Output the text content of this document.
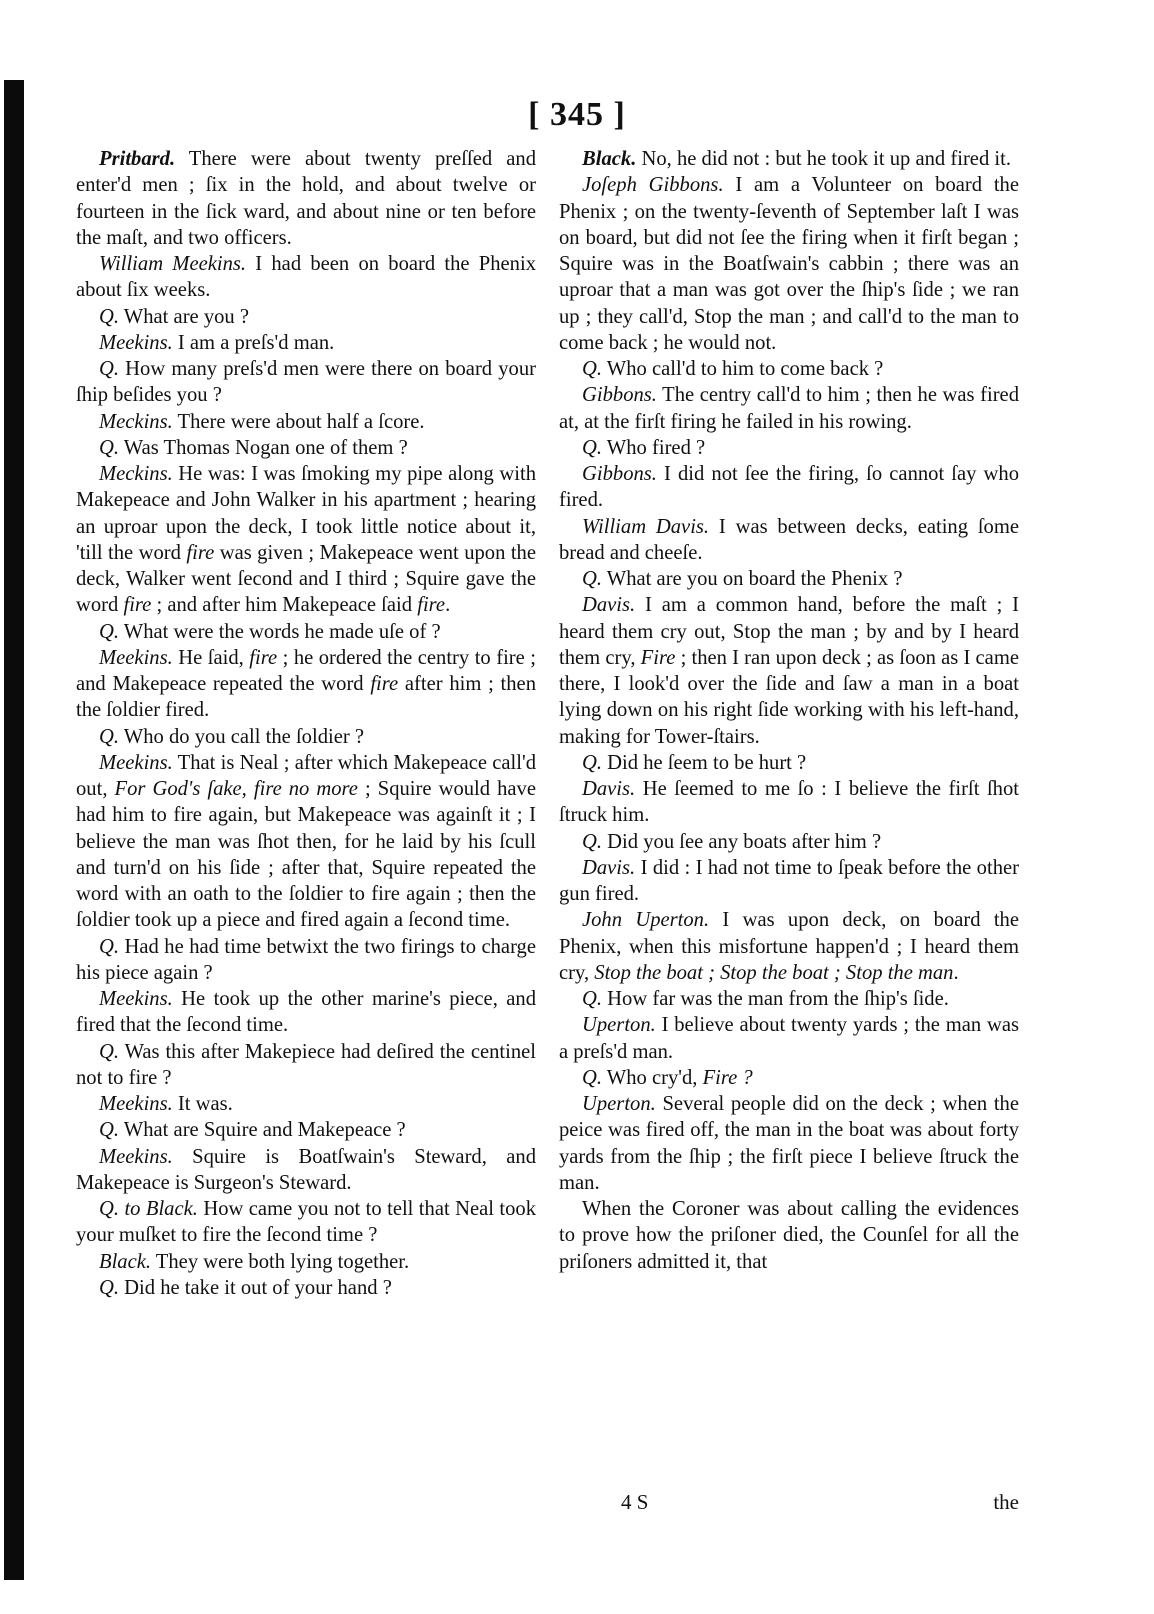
[ 345 ]

Pritbard. There were about twenty preſſed and enter'd men ; ſix in the hold, and about twelve or fourteen in the ſick ward, and about nine or ten before the maſt, and two officers.

William Meekins. I had been on board the Phenix about ſix weeks.

Q. What are you ?

Meekins. I am a preſs'd man.

Q. How many preſs'd men were there on board your ſhip beſides you ?

Meckins. There were about half a ſcore.

Q. Was Thomas Nogan one of them ?

Meckins. He was: I was ſmoking my pipe along with Makepeace and John Walker in his apartment ; hearing an uproar upon the deck, I took little notice about it, 'till the word fire was given ; Makepeace went upon the deck, Walker went ſecond and I third ; Squire gave the word fire ; and after him Makepeace ſaid fire.

Q. What were the words he made uſe of ?

Meekins. He ſaid, fire ; he ordered the centry to fire ; and Makepeace repeated the word fire after him ; then the ſoldier fired.

Q. Who do you call the ſoldier ?

Meekins. That is Neal ; after which Makepeace call'd out, For God's ſake, fire no more ; Squire would have had him to fire again, but Makepeace was againſt it ; I believe the man was ſhot then, for he laid by his ſcull and turn'd on his ſide ; after that, Squire repeated the word with an oath to the ſoldier to fire again ; then the ſoldier took up a piece and fired again a ſecond time.

Q. Had he had time betwixt the two firings to charge his piece again ?

Meekins. He took up the other marine's piece, and fired that the ſecond time.

Q. Was this after Makepiece had deſired the centinel not to fire ?

Meekins. It was.

Q. What are Squire and Makepeace ?

Meekins. Squire is Boatſwain's Steward, and Makepeace is Surgeon's Steward.

Q. to Black. How came you not to tell that Neal took your muſket to fire the ſecond time ?

Black. They were both lying together.

Q. Did he take it out of your hand ?

Black. No, he did not : but he took it up and fired it.

Joſeph Gibbons. I am a Volunteer on board the Phenix ; on the twenty-ſeventh of September laſt I was on board, but did not ſee the firing when it firſt began ; Squire was in the Boatſwain's cabbin ; there was an uproar that a man was got over the ſhip's ſide ; we ran up ; they call'd, Stop the man ; and call'd to the man to come back ; he would not.

Q. Who call'd to him to come back ?

Gibbons. The centry call'd to him ; then he was fired at, at the firſt firing he failed in his rowing.

Q. Who fired ?

Gibbons. I did not ſee the firing, ſo cannot ſay who fired.

William Davis. I was between decks, eating ſome bread and cheeſe.

Q. What are you on board the Phenix ?

Davis. I am a common hand, before the maſt ; I heard them cry out, Stop the man ; by and by I heard them cry, Fire ; then I ran upon deck ; as ſoon as I came there, I look'd over the ſide and ſaw a man in a boat lying down on his right ſide working with his left-hand, making for Tower-ſtairs.

Q. Did he ſeem to be hurt ?

Davis. He ſeemed to me ſo : I believe the firſt ſhot ſtruck him.

Q. Did you ſee any boats after him ?

Davis. I did : I had not time to ſpeak before the other gun fired.

John Uperton. I was upon deck, on board the Phenix, when this misfortune happen'd ; I heard them cry, Stop the boat ; Stop the boat ; Stop the man.

Q. How far was the man from the ſhip's ſide.

Uperton. I believe about twenty yards ; the man was a preſs'd man.

Q. Who cry'd, Fire ?

Uperton. Several people did on the deck ; when the peice was fired off, the man in the boat was about forty yards from the ſhip ; the firſt piece I believe ſtruck the man.

When the Coroner was about calling the evidences to prove how the priſoner died, the Counſel for all the priſoners admitted it, that

4 S	the
